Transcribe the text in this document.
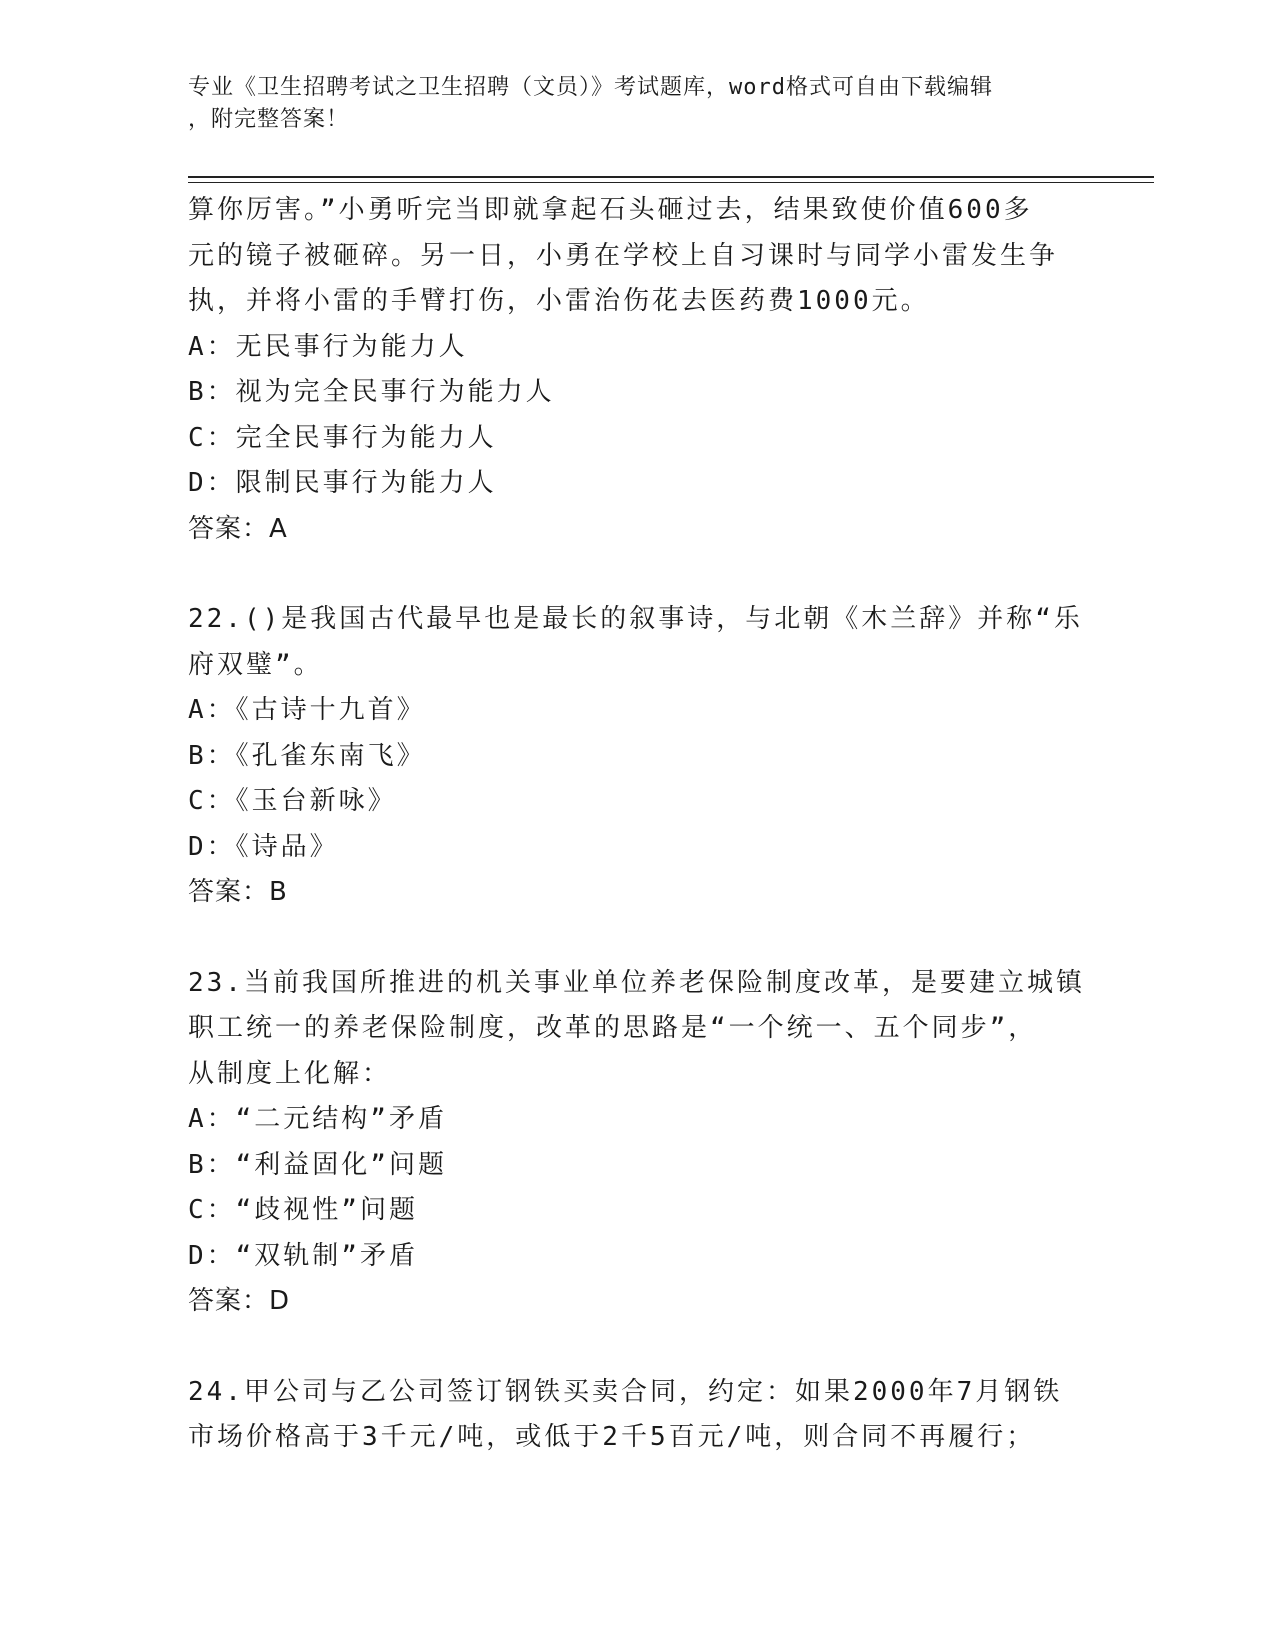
专业《卫生招聘考试之卫生招聘（文员）》考试题库，word格式可自由下载编辑
，附完整答案！
算你厉害。”小勇听完当即就拿起石头砸过去，结果致使价值600多
元的镜子被砸碎。另一日，小勇在学校上自习课时与同学小雷发生争
执，并将小雷的手臂打伤，小雷治伤花去医药费1000元。
A：无民事行为能力人
B：视为完全民事行为能力人
C：完全民事行为能力人
D：限制民事行为能力人
答案：A
22.()是我国古代最早也是最长的叙事诗，与北朝《木兰辞》并称“乐
府双璧”。
A：《古诗十九首》
B：《孔雀东南飞》
C：《玉台新咏》
D：《诗品》
答案：B
23.当前我国所推进的机关事业单位养老保险制度改革，是要建立城镇
职工统一的养老保险制度，改革的思路是“一个统一、五个同步”，
从制度上化解：
A：“二元结构”矛盾
B：“利益固化”问题
C：“歧视性”问题
D：“双轨制”矛盾
答案：D
24.甲公司与乙公司签订钢铁买卖合同，约定：如果2000年7月钢铁
市场价格高于3千元/吨，或低于2千5百元/吨，则合同不再履行；
